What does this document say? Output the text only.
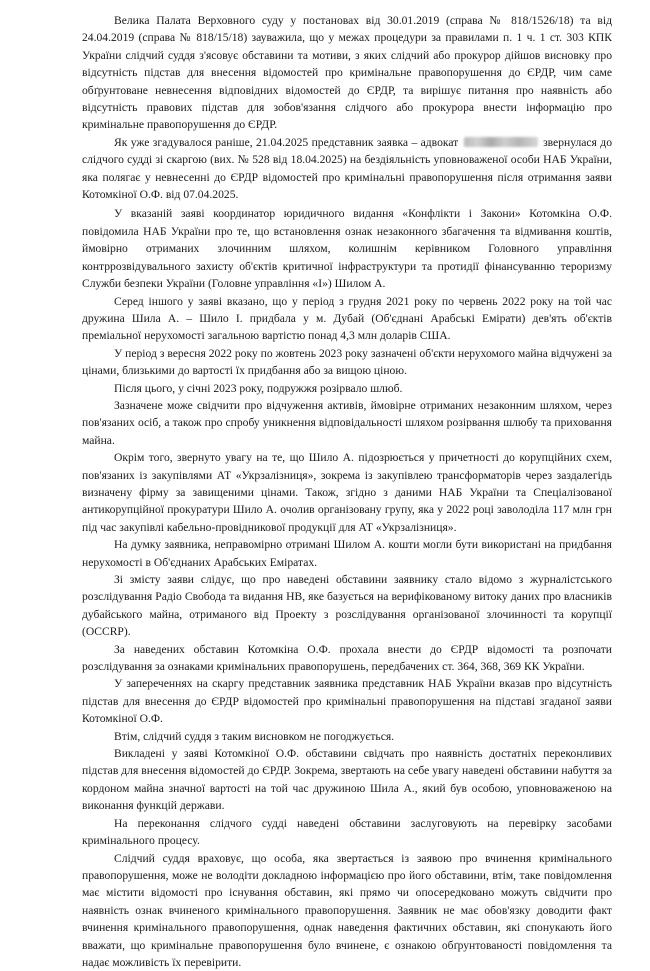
Велика Палата Верховного суду у постановах від 30.01.2019 (справа № 818/1526/18) та від 24.04.2019 (справа № 818/15/18) зауважила, що у межах процедури за правилами п. 1 ч. 1 ст. 303 КПК України слідчий суддя з'ясовує обставини та мотиви, з яких слідчий або прокурор дійшов висновку про відсутність підстав для внесення відомостей про кримінальне правопорушення до ЄРДР, чим саме обґрунтоване невнесення відповідних відомостей до ЄРДР, та вирішує питання про наявність або відсутність правових підстав для зобов'язання слідчого або прокурора внести інформацію про кримінальне правопорушення до ЄРДР.

Як уже згадувалося раніше, 21.04.2025 представник заявка – адвокат	звернулася до слідчого судді зі скаргою (вих. № 528 від 18.04.2025) на бездіяльність уповноваженої особи НАБ України, яка полягає у невнесенні до ЄРДР відомостей про кримінальні правопорушення після отримання заяви Котомкіної О.Ф. від 07.04.2025.

У вказаній заяві координатор юридичного видання «Конфлікти і Закони» Котомкіна О.Ф. повідомила НАБ України про те, що встановлення ознак незаконного збагачення та відмивання коштів, ймовірно отриманих злочинним шляхом, колишнім керівником Головного управління контррозвідувального захисту об'єктів критичної інфраструктури та протидії фінансуванню тероризму Служби безпеки України (Головне управління «І») Шилом А.

Серед іншого у заяві вказано, що у період з грудня 2021 року по червень 2022 року на той час дружина Шила А. – Шило І. придбала у м. Дубай (Об'єднані Арабські Емірати) дев'ять об'єктів преміальної нерухомості загальною вартістю понад 4,3 млн доларів США.

У період з вересня 2022 року по жовтень 2023 року зазначені об'єкти нерухомого майна відчужені за цінами, близькими до вартості їх придбання або за вищою ціною.

Після цього, у січні 2023 року, подружжя розірвало шлюб.

Зазначене може свідчити про відчуження активів, ймовірне отриманих незаконним шляхом, через пов'язаних осіб, а також про спробу уникнення відповідальності шляхом розірвання шлюбу та приховання майна.

Окрім того, звернуто увагу на те, що Шило А. підозрюється у причетності до корупційних схем, пов'язаних із закупівлями АТ «Укрзалізниця», зокрема із закупівлею трансформаторів через заздалегідь визначену фірму за завищеними цінами. Також, згідно з даними НАБ України та Спеціалізованої антикорупційної прокуратури Шило А. очолив організовану групу, яка у 2022 році заволоділа 117 млн грн під час закупівлі кабельно-провідникової продукції для АТ «Укрзалізниця».

На думку заявника, неправомірно отримані Шилом А. кошти могли бути використані на придбання нерухомості в Об'єднаних Арабських Еміратах.

Зі змісту заяви слідує, що про наведені обставини заявнику стало відомо з журналістського розслідування Радіо Свобода та видання НВ, яке базується на верифікованому витоку даних про власників дубайського майна, отриманого від Проекту з розслідування організованої злочинності та корупції (OCCRP).

За наведених обставин Котомкіна О.Ф. прохала внести до ЄРДР відомості та розпочати розслідування за ознаками кримінальних правопорушень, передбачених ст. 364, 368, 369 КК України.

У запереченнях на скаргу представник заявника представник НАБ України вказав про відсутність підстав для внесення до ЄРДР відомостей про кримінальні правопорушення на підставі згаданої заяви Котомкіної О.Ф.

Втім, слідчий суддя з таким висновком не погоджується.

Викладені у заяві Котомкіної О.Ф. обставини свідчать про наявність достатніх переконливих підстав для внесення відомостей до ЄРДР. Зокрема, звертають на себе увагу наведені обставини набуття за кордоном майна значної вартості на той час дружиною Шила А., який був особою, уповноваженою на виконання функцій держави.

На переконання слідчого судді наведені обставини заслуговують на перевірку засобами кримінального процесу.

Слідчий суддя враховує, що особа, яка звертається із заявою про вчинення кримінального правопорушення, може не володіти докладною інформацією про його обставини, втім, таке повідомлення має містити відомості про існування обставин, які прямо чи опосередковано можуть свідчити про наявність ознак вчиненого кримінального правопорушення. Заявник не має обов'язку доводити факт вчинення кримінального правопорушення, однак наведення фактичних обставин, які спонукають його вважати, що кримінальне правопорушення було вчинене, є ознакою обґрунтованості повідомлення та надає можливість їх перевірити.
